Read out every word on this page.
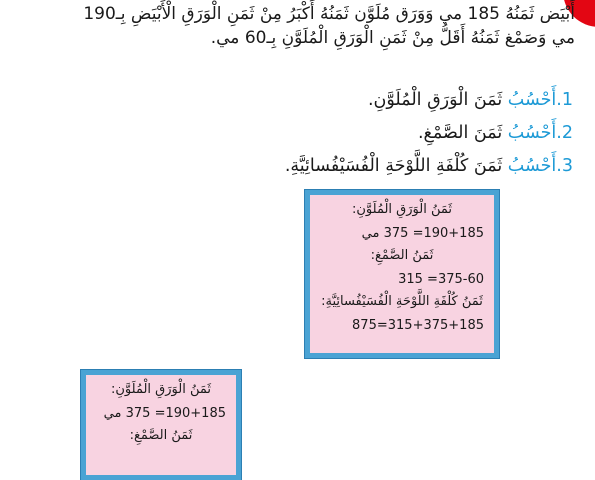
أَبْيَض ثَمَنُهُ 185 مي وَوَرَق مُلَوَّن ثَمَنُهُ أَكْبَرُ مِنْ ثَمَنِ الْوَرَقِ الْأَبْيَضِ بِـ190
مي وَصَمْغ ثَمَنُهُ أَقَلُّ مِنْ ثَمَنِ الْوَرَقِ الْمُلَوَّنِ بِـ60 مي.
1.أَحْسُبُ ثَمَنَ الْوَرَقِ الْمُلَوَّنِ.
2.أَحْسُبُ ثَمَنَ الصَّمْغِ.
3.أَحْسُبُ ثَمَنَ كُلْفَةِ اللَّوْحَةِ الْفُسَيْفُسائِيَّةِ.
ثَمَنُ الْوَرَقِ الْمُلَوَّنِ:
190+185= 375 مي
ثَمَنُ الصَّمْغِ:
375-60= 315
ثَمَنُ كُلْفَةِ اللَّوْحَةِ الْفُسَيْفُسائِيَّةِ:
315+375+185=875
ثَمَنُ الْوَرَقِ الْمُلَوَّنِ:
190+185= 375 مي
ثَمَنُ الصَّمْغِ:
